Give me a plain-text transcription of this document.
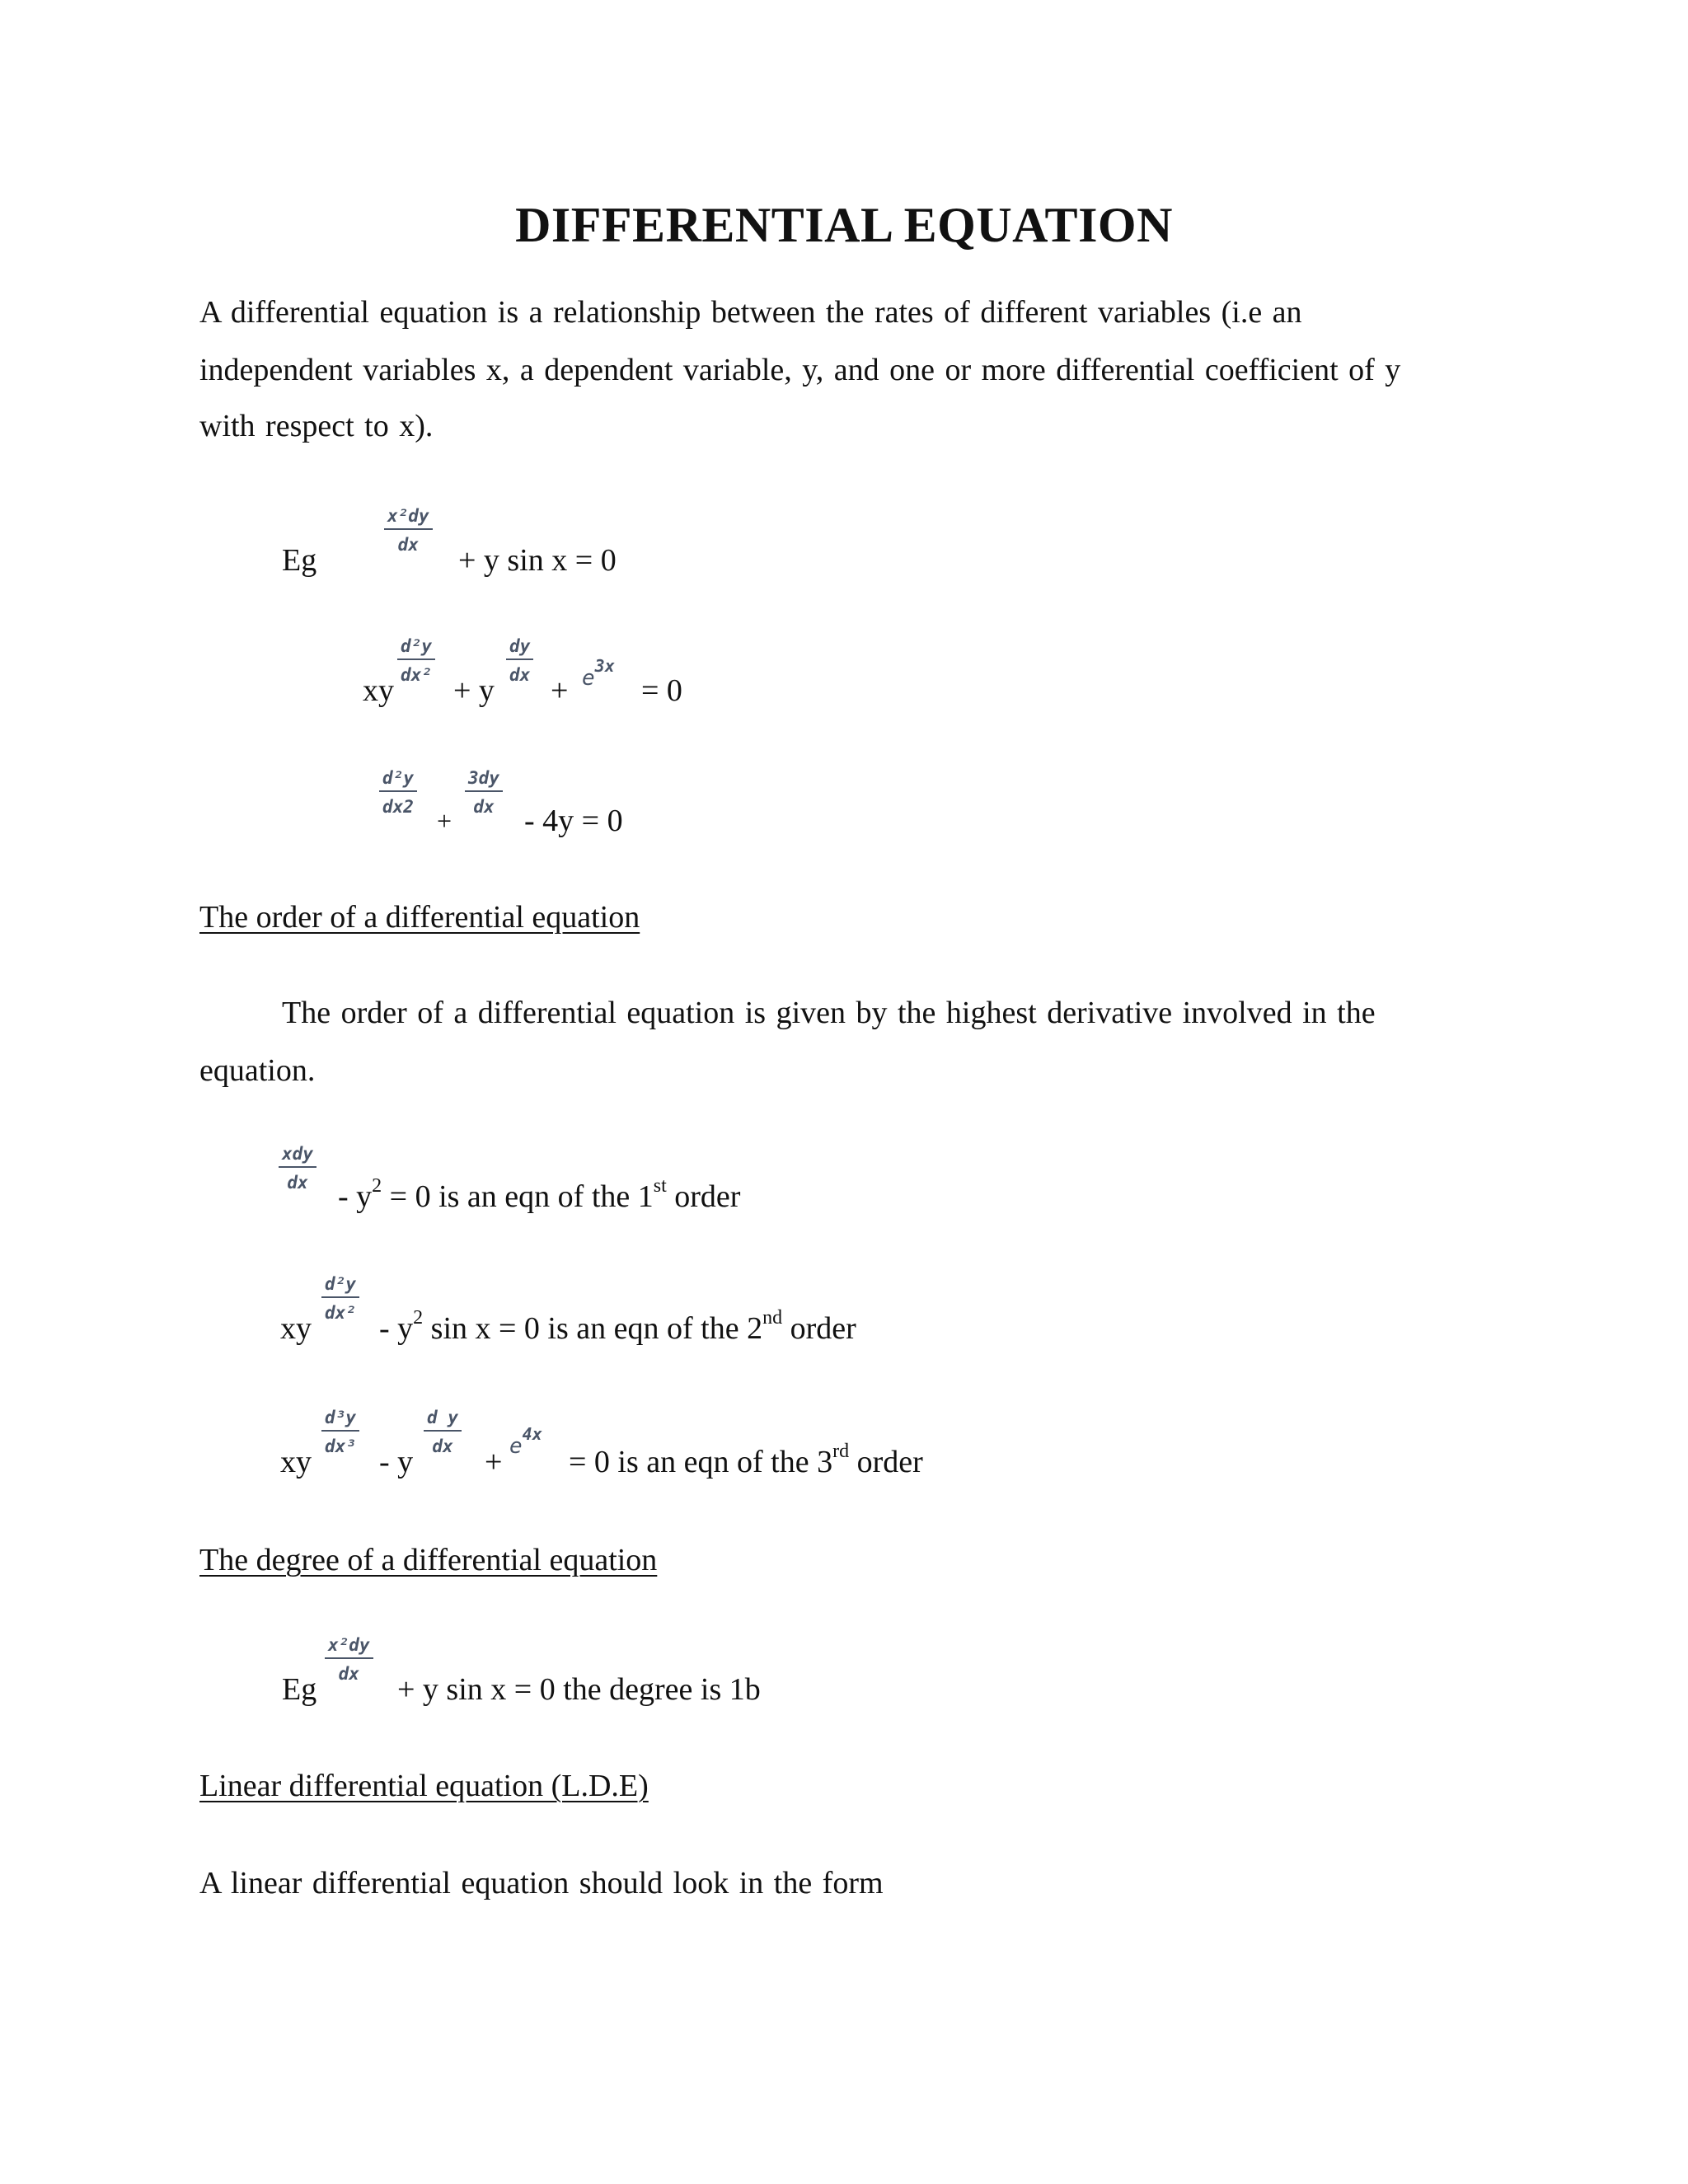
DIFFERENTIAL EQUATION
A differential equation is a relationship between the rates of different variables (i.e an
independent variables x, a dependent variable, y, and one or more differential coefficient of y
with respect to x).
Eg
$\frac{\text{x²dy}}{dx}$
+ y sin x = 0
xy
$\frac{\text{d²y}}{\text{dx²}}$
+ y
$\frac{dy}{dx}$
+ e3x
= 0
$\frac{\text{d²y}}{dx2}$
+
$\frac{3dy}{dx}$
- 4y = 0
The order of a differential equation
The order of a differential equation is given by the highest derivative involved in the
equation.
xdy
dx - $y^2 = 0$ is an eqn of the 1st order
xy
$\frac{\text{d²y}}{\text{dx²}}$
- $y^2$ sin x = 0 is an eqn of the 2nd order
xy
$\frac{\text{d³y}}{\text{dx³}}$
- y
$\frac{\text{d y}}{dx}$
+ e4x
= 0 is an eqn of the 3rd order
The degree of a differential equation
Eg
$\frac{\text{x²dy}}{dx}$
+ y sin x = 0 the degree is 1b
Linear differential equation (L.D.E)
A linear differential equation should look in the form
